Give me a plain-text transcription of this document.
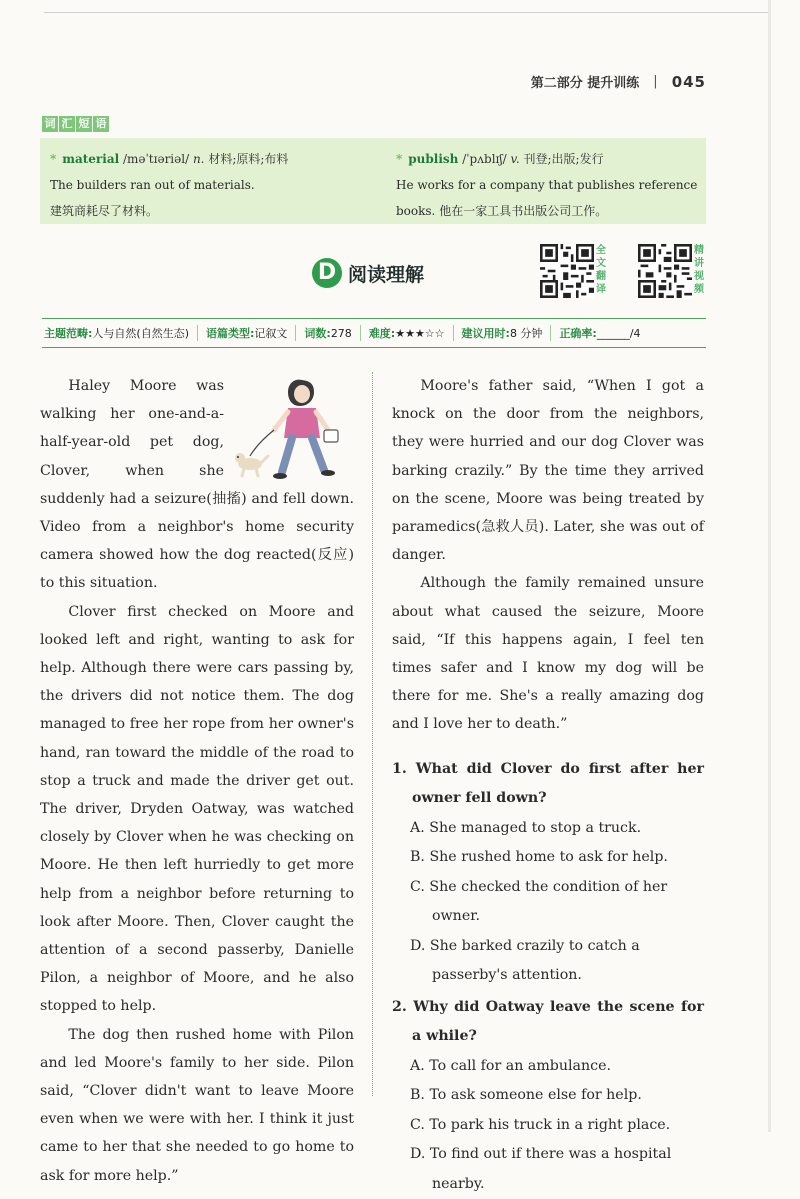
第二部分 提升训练 | 045
词 汇 短 语
* material /məˈtɪəriəl/ n. 材料;原料;布料
The builders ran out of materials.
建筑商耗尽了材料。
* publish /ˈpʌblɪʃ/ v. 刊登;出版;发行
He works for a company that publishes reference
books. 他在一家工具书出版公司工作。
D 阅读理解
全
文
翻
译
精
讲
视
频
主题范畴:人与自然(自然生态)	语篇类型:记叙文	词数:278	难度:★★★☆☆	建议用时:8 分钟	正确率:______/4

Haley Moore was walking her one-and-a-half-year-old pet dog, Clover, when she suddenly had a seizure(抽搐) and fell down. Video from a neighbor's home security camera showed how the dog reacted(反应) to this situation.

Clover first checked on Moore and looked left and right, wanting to ask for help. Although there were cars passing by, the drivers did not notice them. The dog managed to free her rope from her owner's hand, ran toward the middle of the road to stop a truck and made the driver get out. The driver, Dryden Oatway, was watched closely by Clover when he was checking on Moore. He then left hurriedly to get more help from a neighbor before returning to look after Moore. Then, Clover caught the attention of a second passerby, Danielle Pilon, a neighbor of Moore, and he also stopped to help.

The dog then rushed home with Pilon and led Moore's family to her side. Pilon said, “Clover didn't want to leave Moore even when we were with her. I think it just came to her that she needed to go home to ask for more help.”

Moore's father said, “When I got a knock on the door from the neighbors, they were hurried and our dog Clover was barking crazily.” By the time they arrived on the scene, Moore was being treated by paramedics(急救人员). Later, she was out of danger.

Although the family remained unsure about what caused the seizure, Moore said, “If this happens again, I feel ten times safer and I know my dog will be there for me. She's a really amazing dog and I love her to death.”

1. What did Clover do first after her owner fell down?
A. She managed to stop a truck.
B. She rushed home to ask for help.
C. She checked the condition of her owner.
D. She barked crazily to catch a passerby's attention.
2. Why did Oatway leave the scene for a while?
A. To call for an ambulance.
B. To ask someone else for help.
C. To park his truck in a right place.
D. To find out if there was a hospital nearby.
